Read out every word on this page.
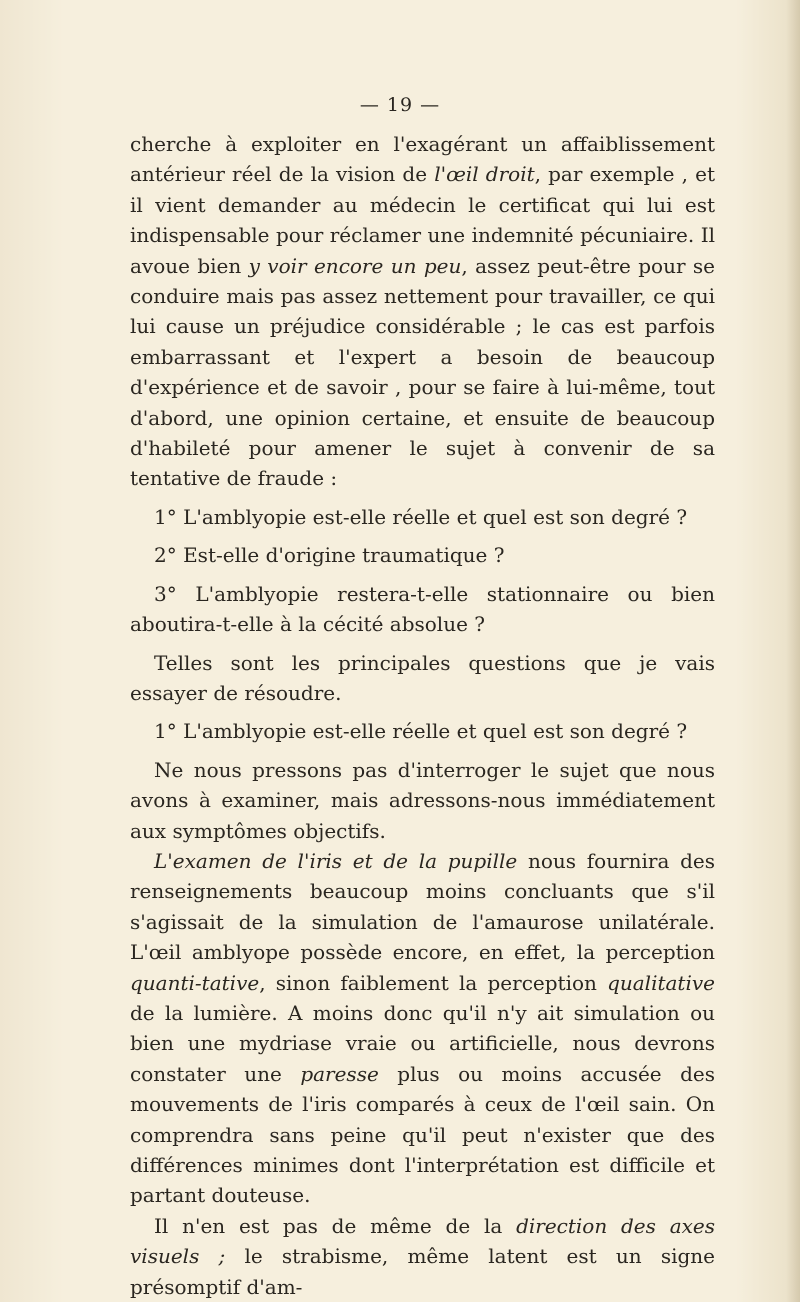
— 19 —

cherche à exploiter en l'exagérant un affaiblissement antérieur réel de la vision de l'œil droit, par exemple , et il vient demander au médecin le certificat qui lui est indispensable pour réclamer une indemnité pécuniaire. Il avoue bien y voir encore un peu, assez peut-être pour se conduire mais pas assez nettement pour travailler, ce qui lui cause un préjudice considérable ; le cas est parfois embarrassant et l'expert a besoin de beaucoup d'expérience et de savoir , pour se faire à lui-même, tout d'abord, une opinion certaine, et ensuite de beaucoup d'habileté pour amener le sujet à convenir de sa tentative de fraude :

1° L'amblyopie est-elle réelle et quel est son degré ?

2° Est-elle d'origine traumatique ?

3° L'amblyopie restera-t-elle stationnaire ou bien aboutira-t-elle à la cécité absolue ?

Telles sont les principales questions que je vais essayer de résoudre.

1° L'amblyopie est-elle réelle et quel est son degré ?

Ne nous pressons pas d'interroger le sujet que nous avons à examiner, mais adressons-nous immédiatement aux symptômes objectifs.

L'examen de l'iris et de la pupille nous fournira des renseignements beaucoup moins concluants que s'il s'agissait de la simulation de l'amaurose unilatérale. L'œil amblyope possède encore, en effet, la perception quanti-tative, sinon faiblement la perception qualitative de la lumière. A moins donc qu'il n'y ait simulation ou bien une mydriase vraie ou artificielle, nous devrons constater une paresse plus ou moins accusée des mouvements de l'iris comparés à ceux de l'œil sain. On comprendra sans peine qu'il peut n'exister que des différences minimes dont l'interprétation est difficile et partant douteuse.

Il n'en est pas de même de la direction des axes visuels ; le strabisme, même latent est un signe présomptif d'am-
